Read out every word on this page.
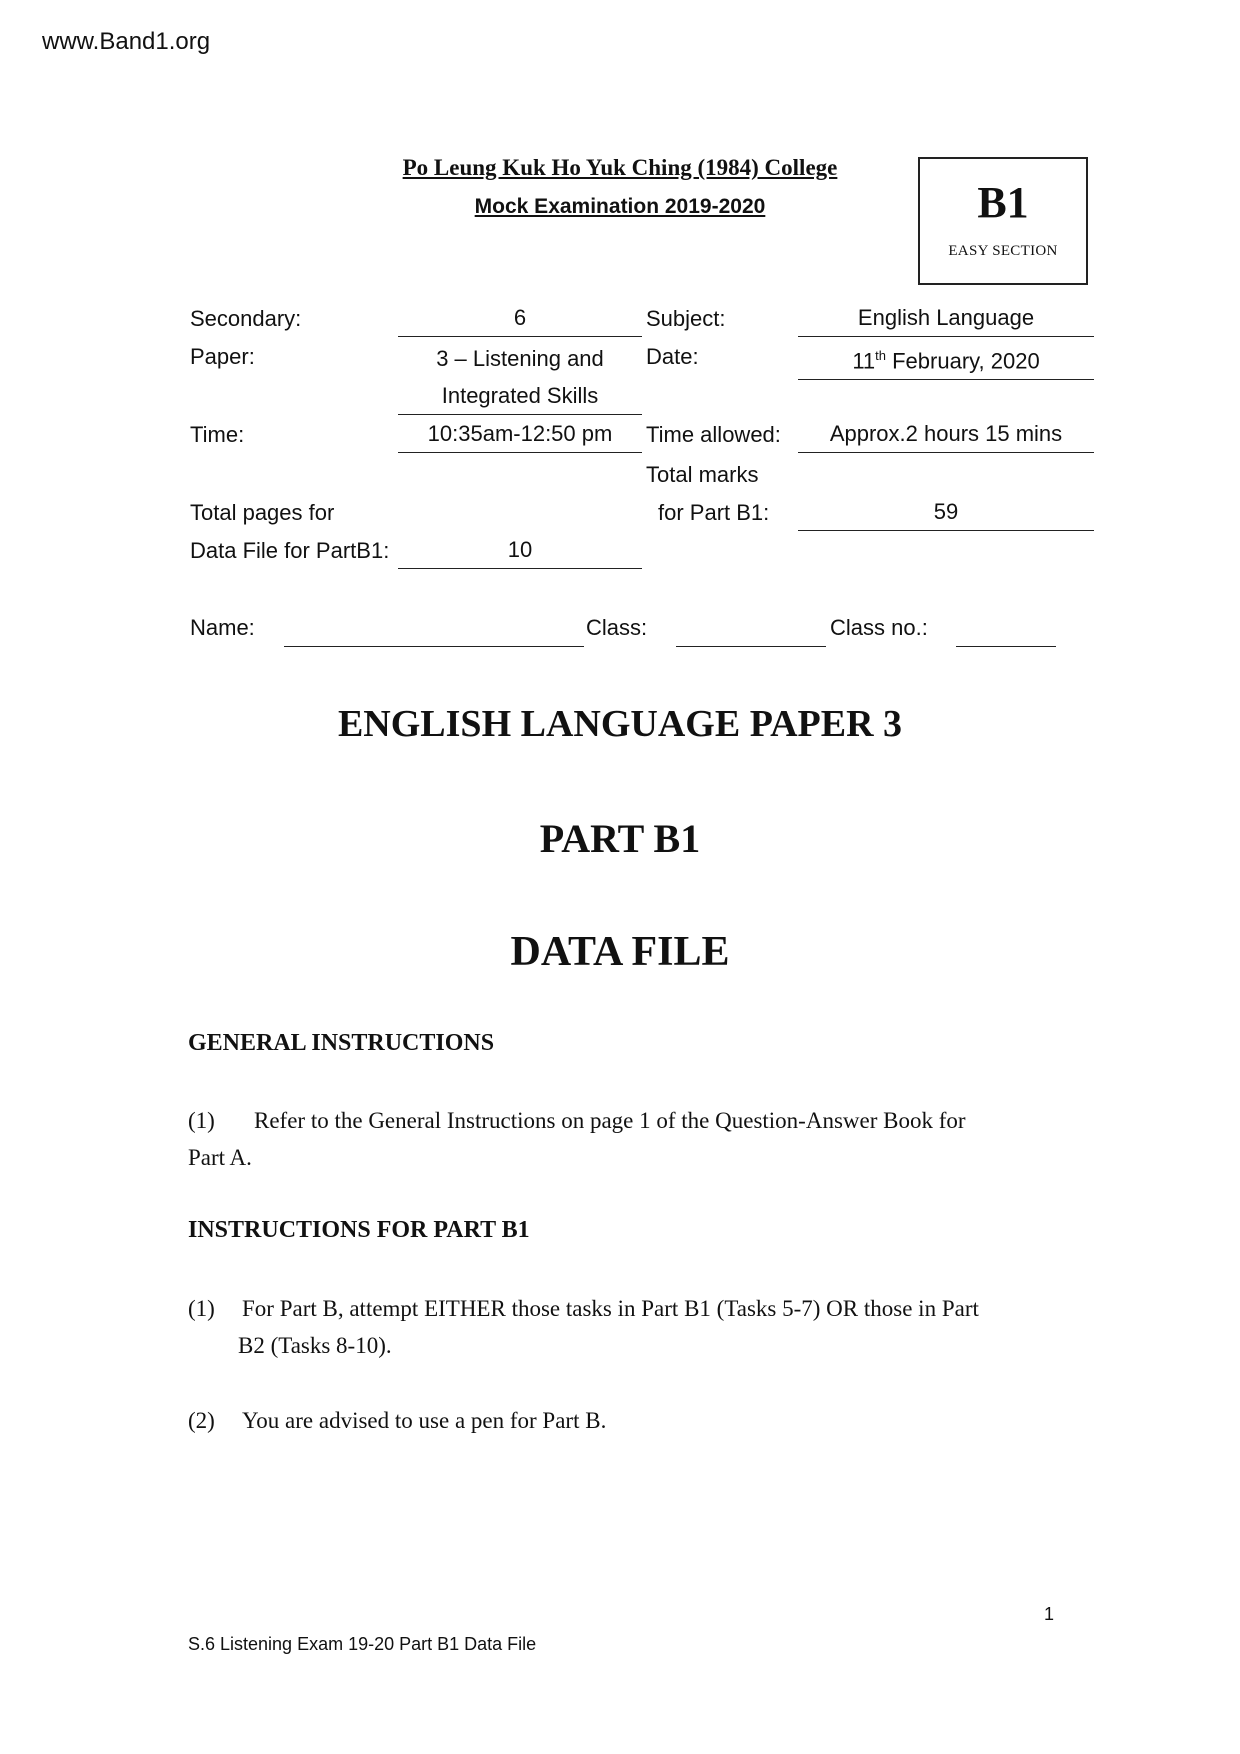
www.Band1.org
Po Leung Kuk Ho Yuk Ching (1984) College
Mock Examination 2019-2020	B1
EASY SECTION
Secondary:	6	Subject:	English Language
Paper:	3 – Listening and
Integrated Skills
Date:	11th February, 2020
Time:	10:35am-12:50 pm	Time allowed:	Approx.2 hours 15 mins
Total marks
for Part B1:	59
Total pages for
Data File for PartB1:	10
Name:	Class:	Class no.:
ENGLISH LANGUAGE PAPER 3
PART B1
DATA FILE
GENERAL INSTRUCTIONS
(1) Refer to the General Instructions on page 1 of the Question-Answer Book for
Part A.
INSTRUCTIONS FOR PART B1
(1) For Part B, attempt EITHER those tasks in Part B1 (Tasks 5-7) OR those in Part
B2 (Tasks 8-10).
(2) You are advised to use a pen for Part B.
1
S.6 Listening Exam 19-20 Part B1 Data File
